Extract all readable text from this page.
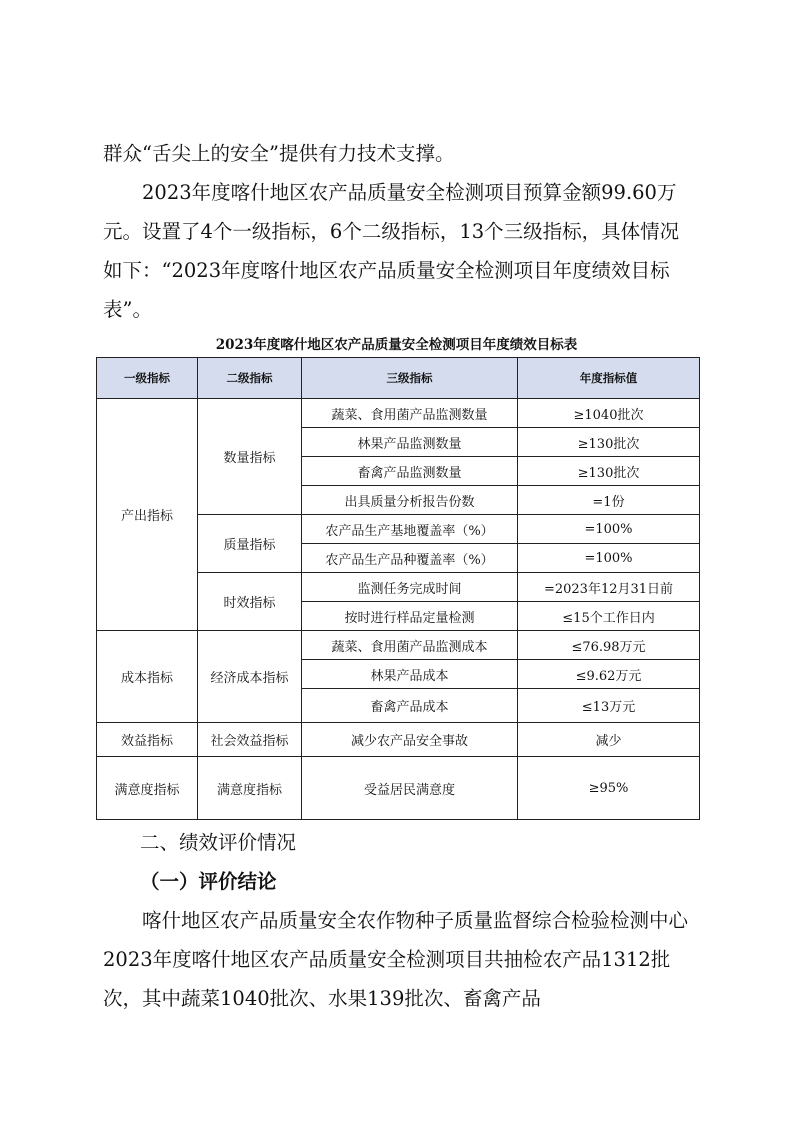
群众“舌尖上的安全”提供有力技术支撑。

2023年度喀什地区农产品质量安全检测项目预算金额99.60万元。设置了4个一级指标，6个二级指标，13个三级指标，具体情况如下：“2023年度喀什地区农产品质量安全检测项目年度绩效目标表”。

2023年度喀什地区农产品质量安全检测项目年度绩效目标表

一级指标	二级指标	三级指标	年度指标值
产出指标	数量指标	蔬菜、食用菌产品监测数量	≥1040批次
		林果产品监测数量	≥130批次
		畜禽产品监测数量	≥130批次
		出具质量分析报告份数	=1份
	质量指标	农产品生产基地覆盖率（%）	=100%
		农产品生产品种覆盖率（%）	=100%
	时效指标	监测任务完成时间	=2023年12月31日前
		按时进行样品定量检测	≤15个工作日内
成本指标	经济成本指标	蔬菜、食用菌产品监测成本	≤76.98万元
		林果产品成本	≤9.62万元
		畜禽产品成本	≤13万元
效益指标	社会效益指标	减少农产品安全事故	减少
满意度指标	满意度指标	受益居民满意度	≥95%

二、绩效评价情况

（一）评价结论

喀什地区农产品质量安全农作物种子质量监督综合检验检测中心2023年度喀什地区农产品质量安全检测项目共抽检农产品1312批次，其中蔬菜1040批次、水果139批次、畜禽产品
